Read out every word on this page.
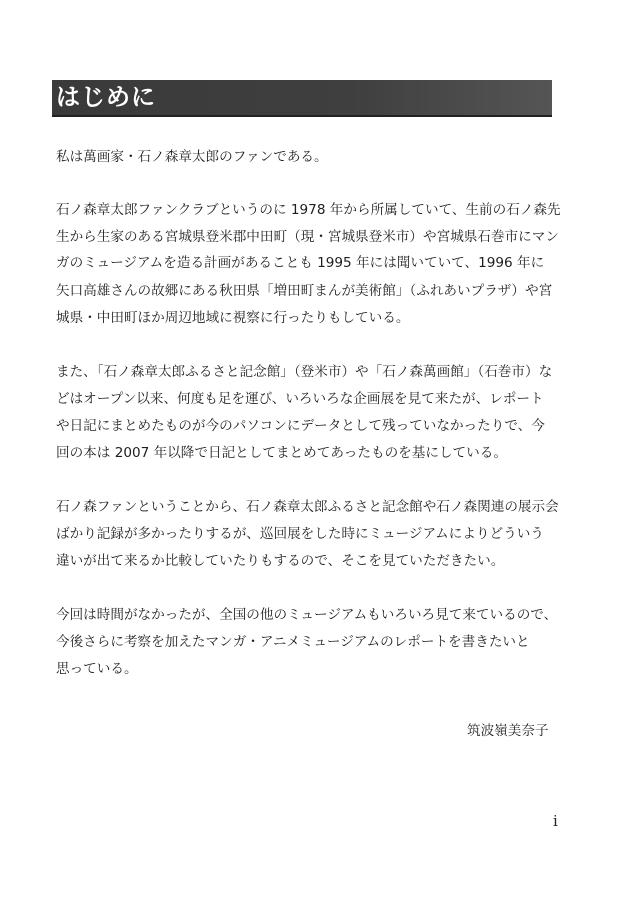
はじめに
私は萬画家・石ノ森章太郎のファンである。
石ノ森章太郎ファンクラブというのに 1978 年から所属していて、生前の石ノ森先
生から生家のある宮城県登米郡中田町（現・宮城県登米市）や宮城県石巻市にマン
ガのミュージアムを造る計画があることも 1995 年には聞いていて、1996 年に
矢口高雄さんの故郷にある秋田県「増田町まんが美術館」（ふれあいプラザ）や宮
城県・中田町ほか周辺地域に視察に行ったりもしている。
また、「石ノ森章太郎ふるさと記念館」（登米市）や「石ノ森萬画館」（石巻市）な
どはオープン以来、何度も足を運び、いろいろな企画展を見て来たが、レポート
や日記にまとめたものが今のパソコンにデータとして残っていなかったりで、今
回の本は 2007 年以降で日記としてまとめてあったものを基にしている。
石ノ森ファンということから、石ノ森章太郎ふるさと記念館や石ノ森関連の展示会
ばかり記録が多かったりするが、巡回展をした時にミュージアムによりどういう
違いが出て来るか比較していたりもするので、そこを見ていただきたい。
今回は時間がなかったが、全国の他のミュージアムもいろいろ見て来ているので、
今後さらに考察を加えたマンガ・アニメミュージアムのレポートを書きたいと
思っている。
筑波嶺美奈子
i
